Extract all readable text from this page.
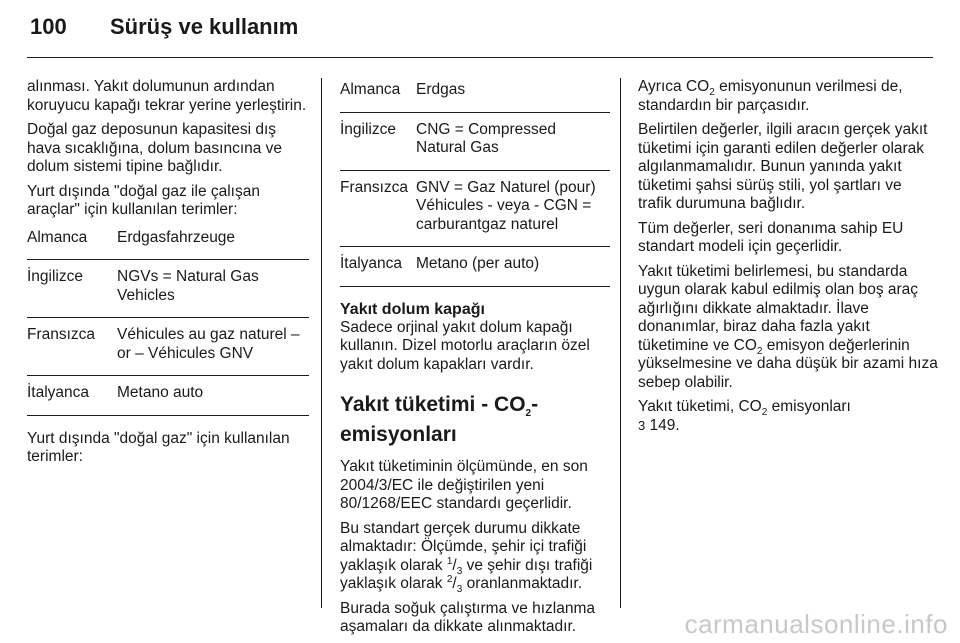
100	Sürüş ve kullanım

alınması. Yakıt dolumunun ardından koruyucu kapağı tekrar yerine yerleştirin.

Doğal gaz deposunun kapasitesi dış hava sıcaklığına, dolum basıncına ve dolum sistemi tipine bağlıdır.

Yurt dışında "doğal gaz ile çalışan araçlar" için kullanılan terimler:

Almanca	Erdgasfahrzeuge
İngilizce	NGVs = Natural Gas Vehicles
Fransızca	Véhicules au gaz naturel – or – Véhicules GNV
İtalyanca	Metano auto

Yurt dışında "doğal gaz" için kullanılan terimler:

Almanca	Erdgas
İngilizce	CNG = Compressed Natural Gas
Fransızca GNV = Gaz Naturel (pour) Véhicules - veya - CGN = carburantgaz naturel
İtalyanca Metano (per auto)
Yakıt dolum kapağı

Sadece orjinal yakıt dolum kapağı kullanın. Dizel motorlu araçların özel yakıt dolum kapakları vardır.

Yakıt tüketimi - $CO_2$-emisyonları

Yakıt tüketiminin ölçümünde, en son 2004/3/EC ile değiştirilen yeni 80/1268/EEC standardı geçerlidir.

Bu standart gerçek durumu dikkate almaktadır: Ölçümde, şehir içi trafiği yaklaşık olarak $^1/_3$ ve şehir dışı trafiği yaklaşık olarak $^2/_3$ oranlanmaktadır.

Burada soğuk çalıştırma ve hızlanma aşamaları da dikkate alınmaktadır.

Ayrıca $CO_2$ emisyonunun verilmesi de, standardın bir parçasıdır.

Belirtilen değerler, ilgili aracın gerçek yakıt tüketimi için garanti edilen değerler olarak algılanmamalıdır. Bunun yanında yakıt tüketimi şahsi sürüş stili, yol şartları ve trafik durumuna bağlıdır.

Tüm değerler, seri donanıma sahip EU standart modeli için geçerlidir.

Yakıt tüketimi belirlemesi, bu standarda uygun olarak kabul edilmiş olan boş araç ağırlığını dikkate almaktadır. İlave donanımlar, biraz daha fazla yakıt tüketimine ve $CO_2$ emisyon değerlerinin yükselmesine ve daha düşük bir azami hıza sebep olabilir.

Yakıt tüketimi, $CO_2$ emisyonları
3 149.

carmanualsonline.info
